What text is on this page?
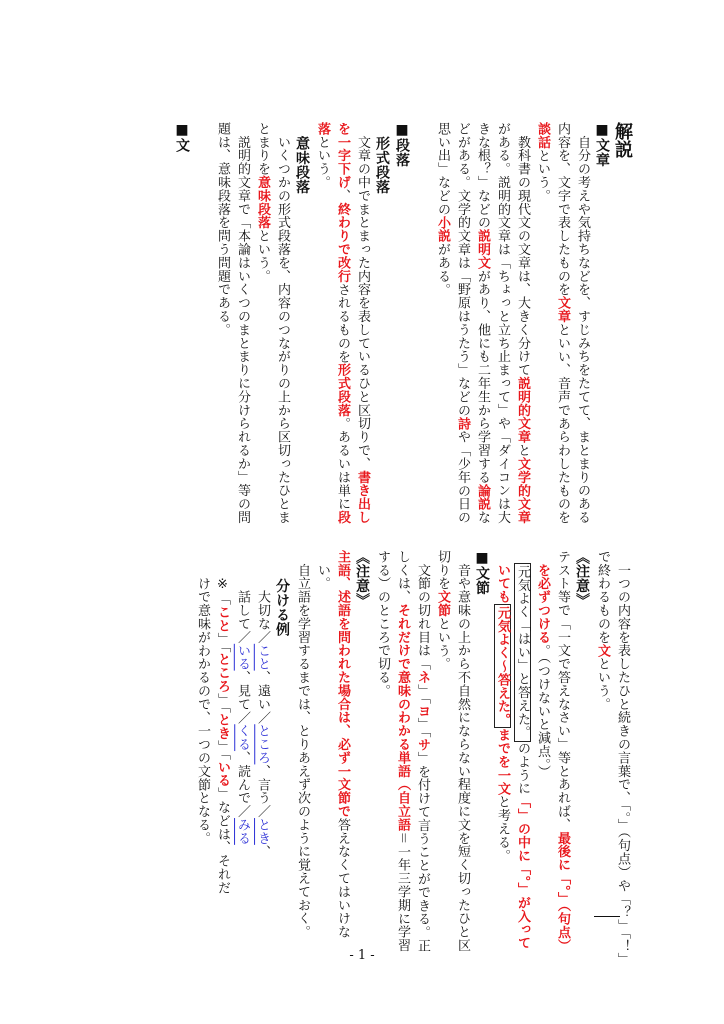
解説
■文章
　自分の考えや気持ちなどを、すじみちをたてて、まとまりのある
内容を、文字で表したものを文章といい、音声であらわしたものを
談話という。
　教科書の現代文の文章は、大きく分けて説明的文章と文学的文章
がある。説明的文章は「ちょっと立ち止まって」や「ダイコンは大
きな根？」などの説明文があり、他にも二年生から学習する論説な
どがある。文学的文章は「野原はうたう」などの詩や「少年の日の
思い出」などの小説がある。

■段落
　形式段落
　文章の中でまとまった内容を表しているひと区切りで、書き出し
を一字下げ、終わりで改行されるものを形式段落。あるいは単に段
落という。
　意味段落
　いくつかの形式段落を、内容のつながりの上から区切ったひとま
とまりを意味段落という。
　説明的文章で「本論はいくつのまとまりに分けられるか」等の問
題は、意味段落を問う問題である。

■文
　一つの内容を表したひと続きの言葉で、「。」（句点）や「？」「！」
で終わるものを文という。
《注意》
テスト等で「一文で答えなさい」等とあれば、最後に「。」（句点）
　を必ずつける。（つけないと減点。）
　元気よく「はい」と答えた。のように「」の中に「。」が入って
　いても元気よく～答えた。までを一文と考える。
■文節
　音や意味の上から不自然にならない程度に文を短く切ったひと区
切りを文節という。
　文節の切れ目は「ネ」「ヨ」「サ」を付けて言うことができる。正
しくは、それだけで意味のわかる単語（自立語＝一年三学期に学習
する）のところで切る。
《注意》
主語、述語を問われた場合は、必ず一文節で答えなくてはいけな
　い。
　自立語を学習するまでは、とりあえず次のように覚えておく。
　　分ける例
　　　大切な／こと、遠い／ところ、言う／とき、
　　　話して／いる、見て／くる、読んで／みる
　　※「こと」「ところ」「とき」「いる」などは、それだ
　　けで意味がわかるので、一つの文節となる。
- 1 -
